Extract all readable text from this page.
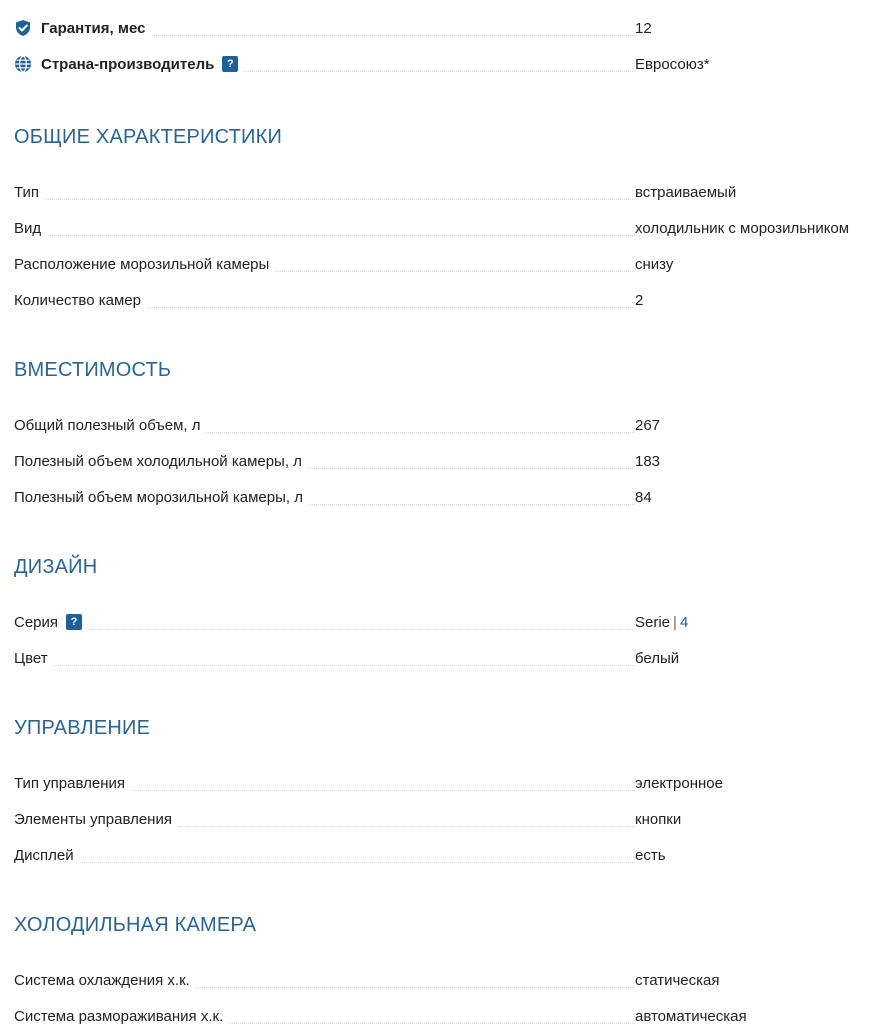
Гарантия, мес	12
Страна-производитель	?	Евросоюз*
ОБЩИЕ ХАРАКТЕРИСТИКИ
Тип	встраиваемый
Вид	холодильник с морозильником
Расположение морозильной камеры	снизу
Количество камер	2
ВМЕСТИМОСТЬ
Общий полезный объем, л	267
Полезный объем холодильной камеры, л	183
Полезный объем морозильной камеры, л	84
ДИЗАЙН
Серия	?	Serie | 4
Цвет	белый
УПРАВЛЕНИЕ
Тип управления	электронное
Элементы управления	кнопки
Дисплей	есть
ХОЛОДИЛЬНАЯ КАМЕРА
Система охлаждения х.к.	статическая
Система размораживания х.к.	автоматическая
